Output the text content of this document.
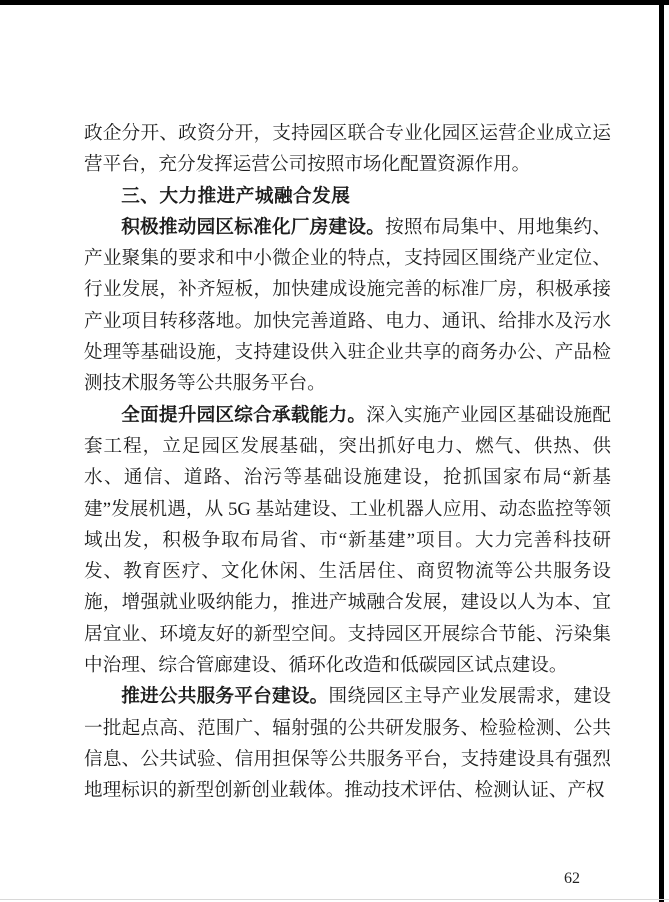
政企分开、政资分开，支持园区联合专业化园区运营企业成立运营平台，充分发挥运营公司按照市场化配置资源作用。

三、大力推进产城融合发展

积极推动园区标准化厂房建设。按照布局集中、用地集约、产业聚集的要求和中小微企业的特点，支持园区围绕产业定位、行业发展，补齐短板，加快建成设施完善的标准厂房，积极承接产业项目转移落地。加快完善道路、电力、通讯、给排水及污水处理等基础设施，支持建设供入驻企业共享的商务办公、产品检测技术服务等公共服务平台。

全面提升园区综合承载能力。深入实施产业园区基础设施配套工程，立足园区发展基础，突出抓好电力、燃气、供热、供水、通信、道路、治污等基础设施建设，抢抓国家布局“新基建”发展机遇，从 5G 基站建设、工业机器人应用、动态监控等领域出发，积极争取布局省、市“新基建”项目。大力完善科技研发、教育医疗、文化休闲、生活居住、商贸物流等公共服务设施，增强就业吸纳能力，推进产城融合发展，建设以人为本、宜居宜业、环境友好的新型空间。支持园区开展综合节能、污染集中治理、综合管廊建设、循环化改造和低碳园区试点建设。

推进公共服务平台建设。围绕园区主导产业发展需求，建设一批起点高、范围广、辐射强的公共研发服务、检验检测、公共信息、公共试验、信用担保等公共服务平台，支持建设具有强烈地理标识的新型创新创业载体。推动技术评估、检测认证、产权

62
